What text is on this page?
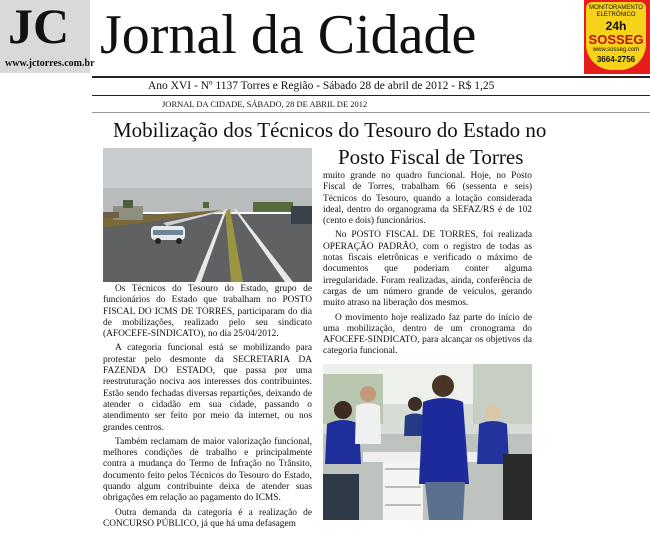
JC
www.jctorres.com.br Jornal da Cidade	MONITORAMENTO
ELETRÔNICO
24h
SOSSEG
www.sosseg.com
3664-2756
Ano XVI - Nº 1137 Torres e Região - Sábado 28 de abril de 2012 - R$ 1,25
JORNAL DA CIDADE, SÁBADO, 28 DE ABRIL DE 2012
Mobilização dos Técnicos do Tesouro do Estado no
Posto Fiscal de Torres

Os Técnicos do Tesouro do Estado, grupo de funcionários do Estado que trabalham no POSTO FISCAL DO ICMS DE TORRES, participaram do dia de mobilizações, realizado pelo seu sindicato (AFOCEFE-SINDICATO), no dia 25/04/2012.

A categoria funcional está se mobilizando para protestar pelo desmonte da SECRETARIA DA FAZENDA DO ESTADO, que passa por uma reestruturação nociva aos interesses dos contribuintes. Estão sendo fechadas diversas repartições, deixando de atender o cidadão em sua cidade, passando o atendimento ser feito por meio da internet, ou nos grandes centros.

Também reclamam de maior valorização funcional, melhores condições de trabalho e principalmente contra a mudança do Termo de Infração no Trânsito, documento feito pelos Técnicos do Tesouro do Estado, quando algum contribuinte deixa de atender suas obrigações em relação ao pagamento do ICMS.

Outra demanda da categoria é a realização de CONCURSO PÚBLICO, já que há uma defasagem

muito grande no quadro funcional. Hoje, no Posto Fiscal de Torres, trabalham 66 (sessenta e seis) Técnicos do Tesouro, quando a lotação considerada ideal, dentro do organograma da SEFAZ/RS é de 102 (cento e dois) funcionários.

No POSTO FISCAL DE TORRES, foi realizada OPERAÇÃO PADRÃO, com o registro de todas as notas fiscais eletrônicas e verificado o máximo de documentos que poderiam conter alguma irregularidade. Foram realizadas, ainda, conferência de cargas de um número grande de veículos, gerando muito atraso na liberação dos mesmos.

O movimento hoje realizado faz parte do início de uma mobilização, dentro de um cronograma do AFOCEFE-SINDICATO, para alcançar os objetivos da categoria funcional.
